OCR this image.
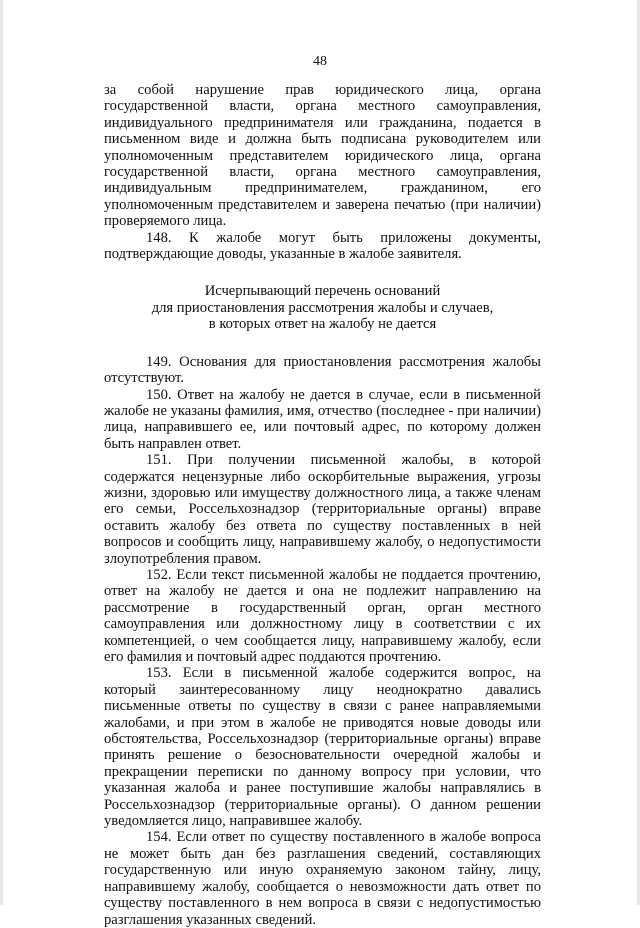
48

за собой нарушение прав юридического лица, органа государственной власти, органа местного самоуправления, индивидуального предпринимателя или гражданина, подается в письменном виде и должна быть подписана руководителем или уполномоченным представителем юридического лица, органа государственной власти, органа местного самоуправления, индивидуальным предпринимателем, гражданином, его уполномоченным представителем и заверена печатью (при наличии) проверяемого лица.

148. К жалобе могут быть приложены документы, подтверждающие доводы, указанные в жалобе заявителя.

Исчерпывающий перечень оснований
для приостановления рассмотрения жалобы и случаев,
в которых ответ на жалобу не дается

149. Основания для приостановления рассмотрения жалобы отсутствуют.

150. Ответ на жалобу не дается в случае, если в письменной жалобе не указаны фамилия, имя, отчество (последнее - при наличии) лица, направившего ее, или почтовый адрес, по которому должен быть направлен ответ.

151. При получении письменной жалобы, в которой содержатся нецензурные либо оскорбительные выражения, угрозы жизни, здоровью или имуществу должностного лица, а также членам его семьи, Россельхознадзор (территориальные органы) вправе оставить жалобу без ответа по существу поставленных в ней вопросов и сообщить лицу, направившему жалобу, о недопустимости злоупотребления правом.

152. Если текст письменной жалобы не поддается прочтению, ответ на жалобу не дается и она не подлежит направлению на рассмотрение в государственный орган, орган местного самоуправления или должностному лицу в соответствии с их компетенцией, о чем сообщается лицу, направившему жалобу, если его фамилия и почтовый адрес поддаются прочтению.

153. Если в письменной жалобе содержится вопрос, на который заинтересованному лицу неоднократно давались письменные ответы по существу в связи с ранее направляемыми жалобами, и при этом в жалобе не приводятся новые доводы или обстоятельства, Россельхознадзор (территориальные органы) вправе принять решение о безосновательности очередной жалобы и прекращении переписки по данному вопросу при условии, что указанная жалоба и ранее поступившие жалобы направлялись в Россельхознадзор (территориальные органы). О данном решении уведомляется лицо, направившее жалобу.

154. Если ответ по существу поставленного в жалобе вопроса не может быть дан без разглашения сведений, составляющих государственную или иную охраняемую законом тайну, лицу, направившему жалобу, сообщается о невозможности дать ответ по существу поставленного в нем вопроса в связи с недопустимостью разглашения указанных сведений.
